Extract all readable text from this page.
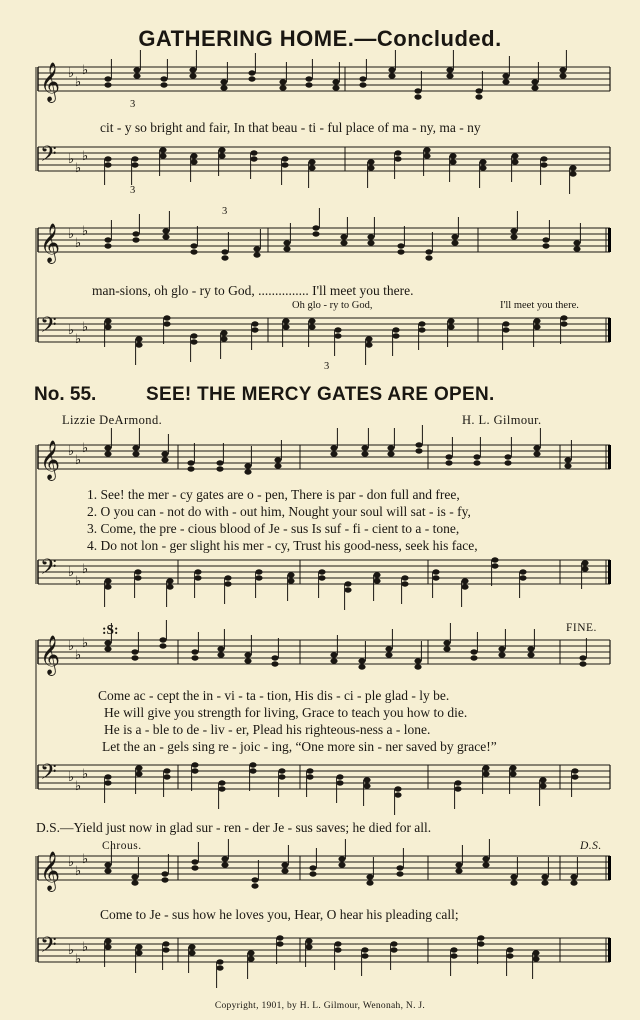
GATHERING HOME.—Concluded.
cit - y so bright and fair, In that beau - ti - ful place of ma - ny, ma - ny
man-sions, oh glo - ry to God, ............... I'll meet you there.
Oh glo - ry to God,	I'll meet you there.
3
3
3
3
No. 55.	SEE! THE MERCY GATES ARE OPEN.
Lizzie DeArmond.	H. L. Gilmour.
1. See! the mer - cy gates are o - pen, There is par - don full and free,
2. O you can - not do with - out him, Nought your soul will sat - is - fy,
3. Come, the pre - cious blood of Je - sus Is suf - fi - cient to a - tone,
4. Do not lon - ger slight his mer - cy, Trust his good-ness, seek his face,
:S:	FINE.
Come ac - cept the in - vi - ta - tion, His dis - ci - ple glad - ly be.
He will give you strength for living, Grace to teach you how to die.
He is a - ble to de - liv - er, Plead his righteous-ness a - lone.
Let the an - gels sing re - joic - ing, “One more sin - ner saved by grace!”
D.S.—Yield just now in glad sur - ren - der Je - sus saves; he died for all.
Chrous.	D.S.
Come to Je - sus how he loves you, Hear, O hear his pleading call;
Copyright, 1901, by H. L. Gilmour, Wenonah, N. J.
𝄞 ♭
♭
♭
𝄢 ♭
♭
♭
𝄞 ♭
♭
♭
𝄢 ♭
♭
♭
𝄞 ♭
♭
♭
𝄢 ♭
♭
♭
𝄞 ♭
♭
♭
𝄢 ♭
♭
♭
𝄞 ♭
♭
♭
𝄢 ♭
♭
♭
